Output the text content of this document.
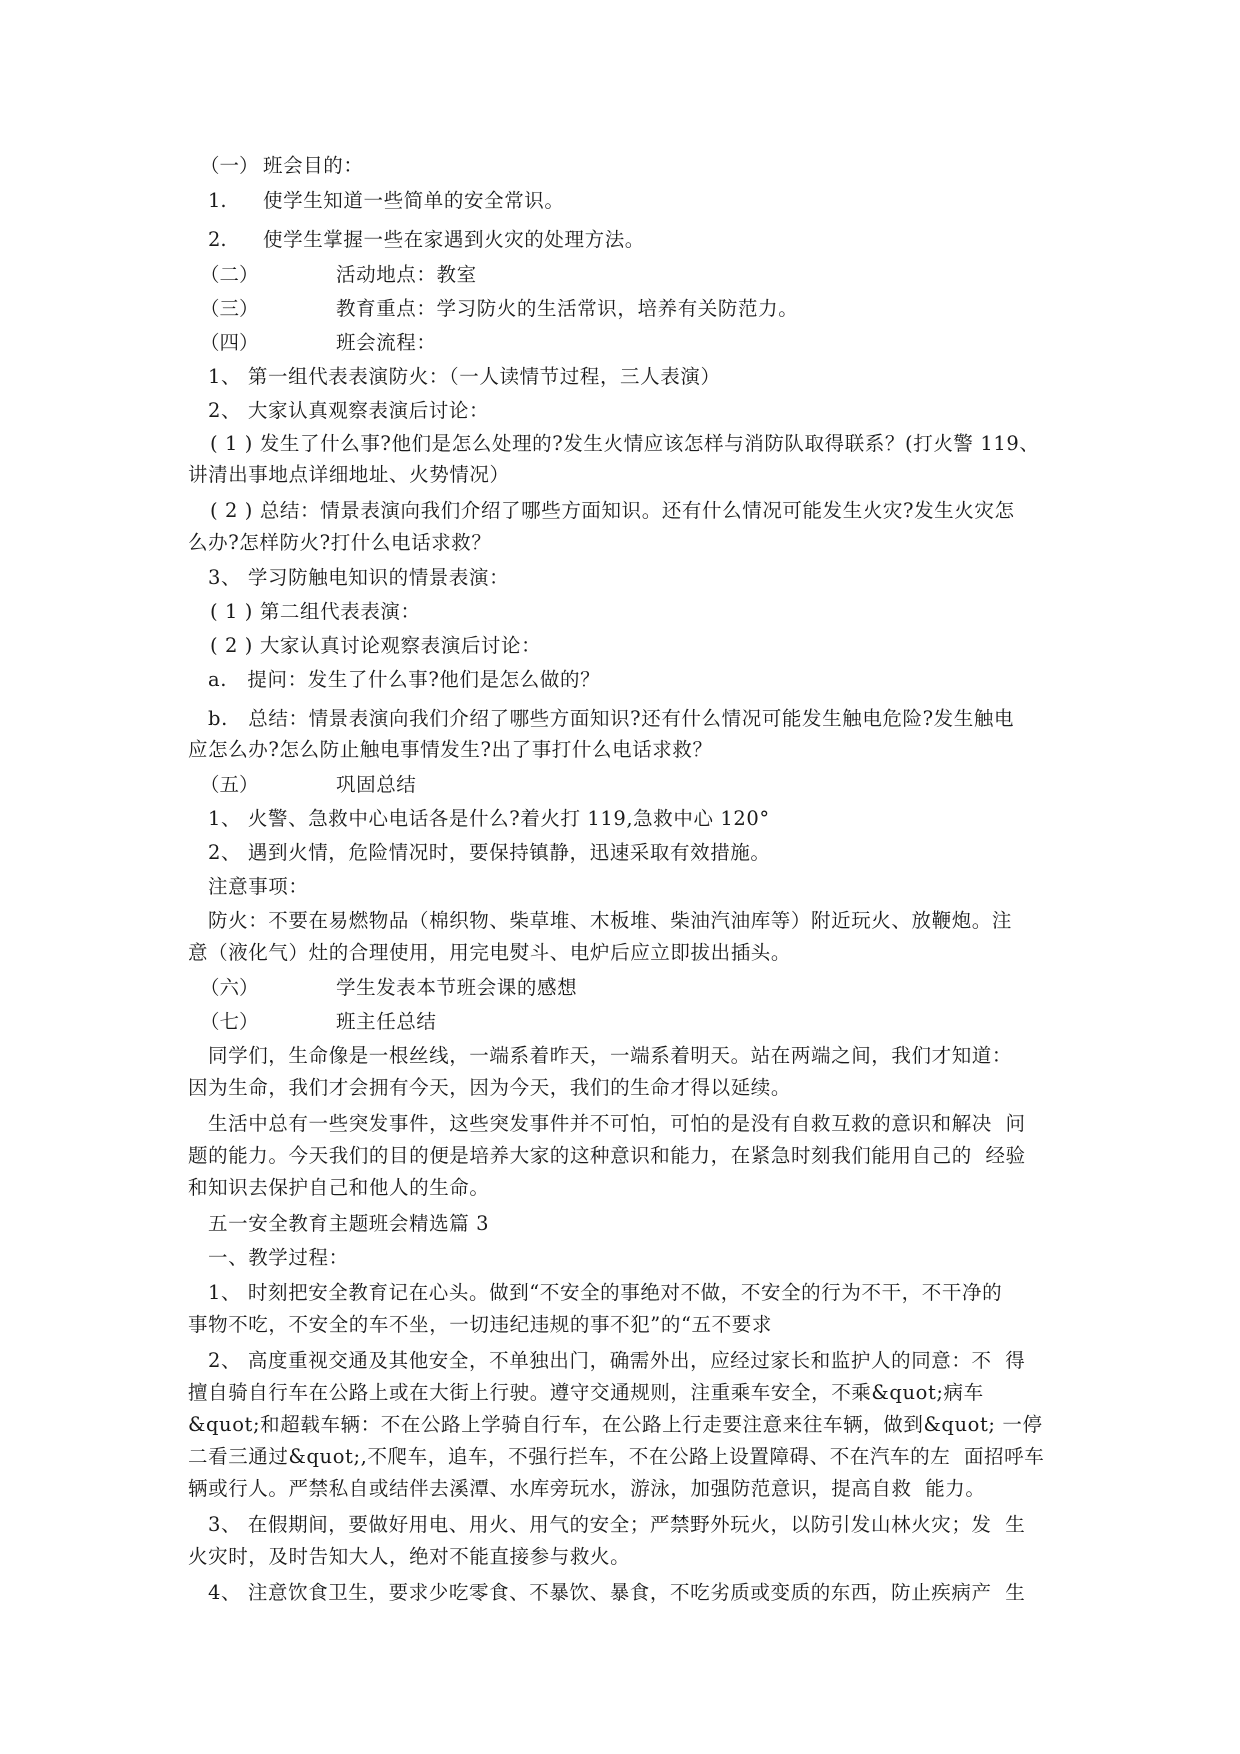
（一） 班会目的：
1. 使学生知道一些简单的安全常识。
2. 使学生掌握一些在家遇到火灾的处理方法。
（二）	活动地点：教室
（三）	教育重点：学习防火的生活常识，培养有关防范力。
（四）	班会流程：
1、 第一组代表表演防火：（一人读情节过程，三人表演）
2、 大家认真观察表演后讨论：
( 1 ) 发生了什么事?他们是怎么处理的?发生火情应该怎样与消防队取得联系？(打火警 119、
讲清出事地点详细地址、火势情况）
( 2 ) 总结：情景表演向我们介绍了哪些方面知识。还有什么情况可能发生火灾?发生火灾怎
么办?怎样防火?打什么电话求救？
3、 学习防触电知识的情景表演：
( 1 ) 第二组代表表演：
( 2 ) 大家认真讨论观察表演后讨论：
a.   提问：发生了什么事?他们是怎么做的？
b.   总结：情景表演向我们介绍了哪些方面知识?还有什么情况可能发生触电危险?发生触电
应怎么办?怎么防止触电事情发生?出了事打什么电话求救？
（五）	巩固总结
1、 火警、急救中心电话各是什么?着火打 119,急救中心 120°
2、 遇到火情，危险情况时，要保持镇静，迅速采取有效措施。
注意事项：
防火：不要在易燃物品（棉织物、柴草堆、木板堆、柴油汽油库等）附近玩火、放鞭炮。注
意（液化气）灶的合理使用，用完电熨斗、电炉后应立即拔出插头。
（六）	学生发表本节班会课的感想
（七）	班主任总结
同学们，生命像是一根丝线，一端系着昨天，一端系着明天。站在两端之间，我们才知道：
因为生命，我们才会拥有今天，因为今天，我们的生命才得以延续。
生活中总有一些突发事件，这些突发事件并不可怕，可怕的是没有自救互救的意识和解决  问
题的能力。今天我们的目的便是培养大家的这种意识和能力，在紧急时刻我们能用自己的  经验
和知识去保护自己和他人的生命。
五一安全教育主题班会精选篇 3
一、教学过程：
1、 时刻把安全教育记在心头。做到“不安全的事绝对不做，不安全的行为不干，不干净的
事物不吃，不安全的车不坐，一切违纪违规的事不犯”的“五不要求
2、 高度重视交通及其他安全，不单独出门，确需外出，应经过家长和监护人的同意：不  得
擅自骑自行车在公路上或在大街上行驶。遵守交通规则，注重乘车安全，不乘&quot;病车
&quot;和超载车辆：不在公路上学骑自行车，在公路上行走要注意来往车辆，做到&quot; 一停
二看三通过&quot;,不爬车，追车，不强行拦车，不在公路上设置障碍、不在汽车的左  面招呼车
辆或行人。严禁私自或结伴去溪潭、水库旁玩水，游泳，加强防范意识，提高自救  能力。
3、 在假期间，要做好用电、用火、用气的安全；严禁野外玩火，以防引发山林火灾；发  生
火灾时，及时告知大人，绝对不能直接参与救火。
4、 注意饮食卫生，要求少吃零食、不暴饮、暴食，不吃劣质或变质的东西，防止疾病产  生
